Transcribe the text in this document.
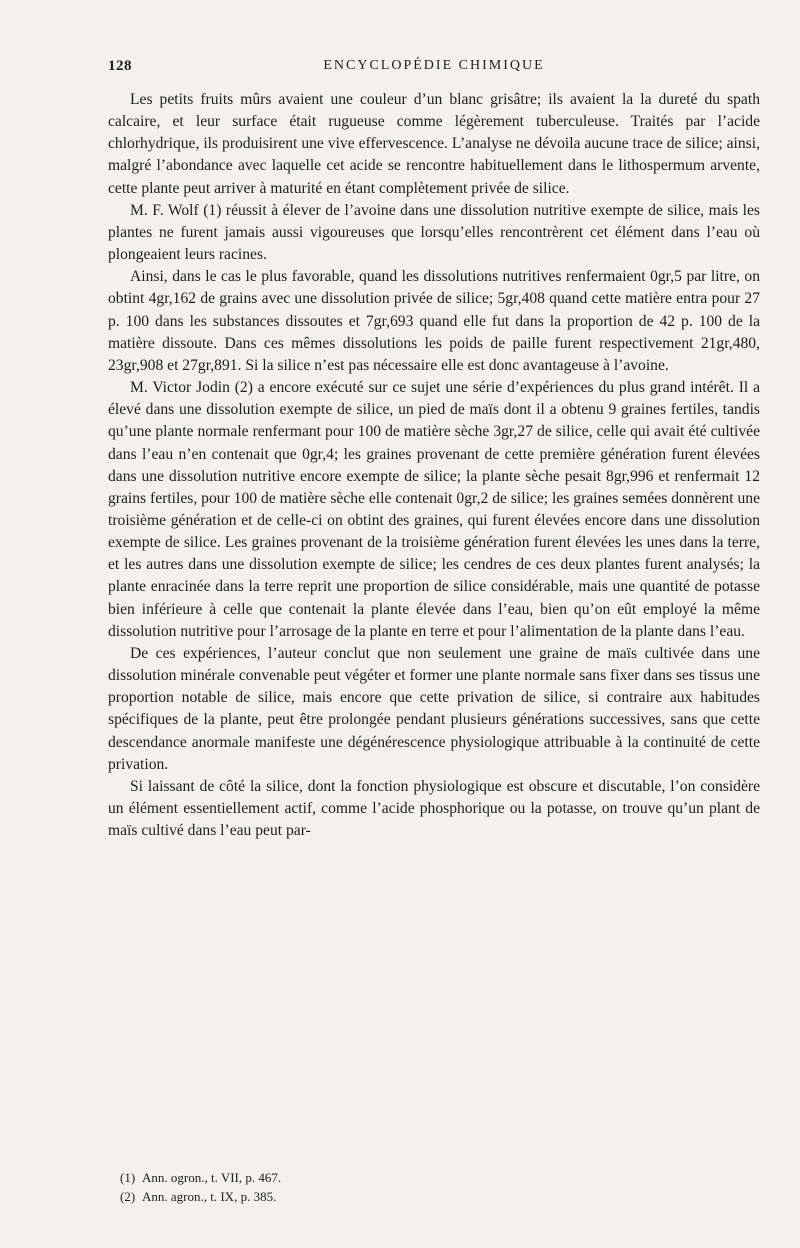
128	ENCYCLOPÉDIE CHIMIQUE

Les petits fruits mûrs avaient une couleur d’un blanc grisâtre; ils avaient la la dureté du spath calcaire, et leur surface était rugueuse comme légèrement tuberculeuse. Traités par l’acide chlorhydrique, ils produisirent une vive effervescence. L’analyse ne dévoila aucune trace de silice; ainsi, malgré l’abondance avec laquelle cet acide se rencontre habituellement dans le lithospermum arvente, cette plante peut arriver à maturité en étant complètement privée de silice.

M. F. Wolf (1) réussit à élever de l’avoine dans une dissolution nutritive exempte de silice, mais les plantes ne furent jamais aussi vigoureuses que lorsqu’elles rencontrèrent cet élément dans l’eau où plongeaient leurs racines.

Ainsi, dans le cas le plus favorable, quand les dissolutions nutritives renfermaient 0gr,5 par litre, on obtint 4gr,162 de grains avec une dissolution privée de silice; 5gr,408 quand cette matière entra pour 27 p. 100 dans les substances dissoutes et 7gr,693 quand elle fut dans la proportion de 42 p. 100 de la matière dissoute. Dans ces mêmes dissolutions les poids de paille furent respectivement 21gr,480, 23gr,908 et 27gr,891. Si la silice n’est pas nécessaire elle est donc avantageuse à l’avoine.

M. Victor Jodin (2) a encore exécuté sur ce sujet une série d’expériences du plus grand intérêt. Il a élevé dans une dissolution exempte de silice, un pied de maïs dont il a obtenu 9 graines fertiles, tandis qu’une plante normale renfermant pour 100 de matière sèche 3gr,27 de silice, celle qui avait été cultivée dans l’eau n’en contenait que 0gr,4; les graines provenant de cette première génération furent élevées dans une dissolution nutritive encore exempte de silice; la plante sèche pesait 8gr,996 et renfermait 12 grains fertiles, pour 100 de matière sèche elle contenait 0gr,2 de silice; les graines semées donnèrent une troisième génération et de celle-ci on obtint des graines, qui furent élevées encore dans une dissolution exempte de silice. Les graines provenant de la troisième génération furent élevées les unes dans la terre, et les autres dans une dissolution exempte de silice; les cendres de ces deux plantes furent analysés; la plante enracinée dans la terre reprit une proportion de silice considérable, mais une quantité de potasse bien inférieure à celle que contenait la plante élevée dans l’eau, bien qu’on eût employé la même dissolution nutritive pour l’arrosage de la plante en terre et pour l’alimentation de la plante dans l’eau.

De ces expériences, l’auteur conclut que non seulement une graine de maïs cultivée dans une dissolution minérale convenable peut végéter et former une plante normale sans fixer dans ses tissus une proportion notable de silice, mais encore que cette privation de silice, si contraire aux habitudes spécifiques de la plante, peut être prolongée pendant plusieurs générations successives, sans que cette descendance anormale manifeste une dégénérescence physiologique attribuable à la continuité de cette privation.

Si laissant de côté la silice, dont la fonction physiologique est obscure et discutable, l’on considère un élément essentiellement actif, comme l’acide phosphorique ou la potasse, on trouve qu’un plant de maïs cultivé dans l’eau peut par-

(1) Ann. ogron., t. VII, p. 467.

(2) Ann. agron., t. IX, p. 385.
